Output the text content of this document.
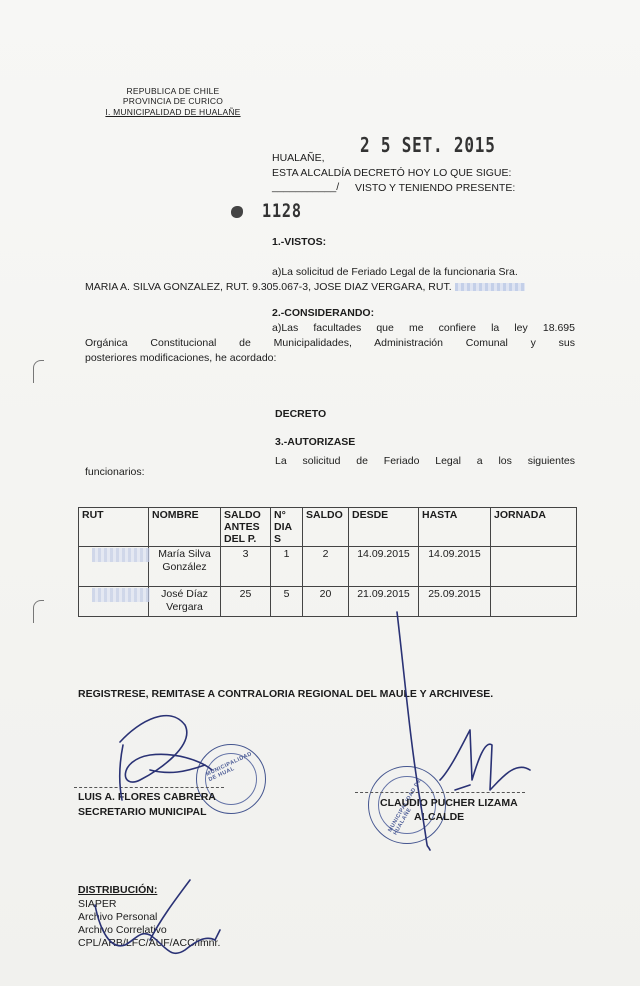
REPUBLICA DE CHILE
PROVINCIA DE CURICO
I. MUNICIPALIDAD DE HUALAÑE
HUALAÑE,
2 5 SET. 2015
ESTA ALCALDÍA DECRETÓ HOY LO QUE SIGUE:
___________/ VISTO Y TENIENDO PRESENTE:
1128
1.-VISTOS:
a)La solicitud de Feriado Legal de la funcionaria Sra.
MARIA A. SILVA GONZALEZ, RUT. 9.305.067-3, JOSE DIAZ VERGARA, RUT.
2.-CONSIDERANDO:
a)Las facultades que me confiere la ley 18.695
Orgánica Constitucional de Municipalidades, Administración Comunal y sus
posteriores modificaciones, he acordado:
DECRETO
3.-AUTORIZASE
La solicitud de Feriado Legal a los siguientes
funcionarios:
RUT	NOMBRE	SALDO ANTES DEL P.	N° DIA S	SALDO	DESDE	HASTA	JORNADA

	María Silva González	3	1	2	14.09.2015	14.09.2015	

	José Díaz Vergara	25	5	20	21.09.2015	25.09.2015	
REGISTRESE, REMITASE A CONTRALORIA REGIONAL DEL MAULE Y ARCHIVESE.
MUNICIPALIDAD DE HUAL
MUNICIPALIDAD DE HUALAÑE
LUIS A. FLORES CABRERA
SECRETARIO MUNICIPAL
CLAUDIO PUCHER LIZAMA
ALCALDE
DISTRIBUCIÓN:
SIAPER
Archivo Personal
Archivo Correlativo
CPL/ARB/LFC/AUF/ACC/imnr.
